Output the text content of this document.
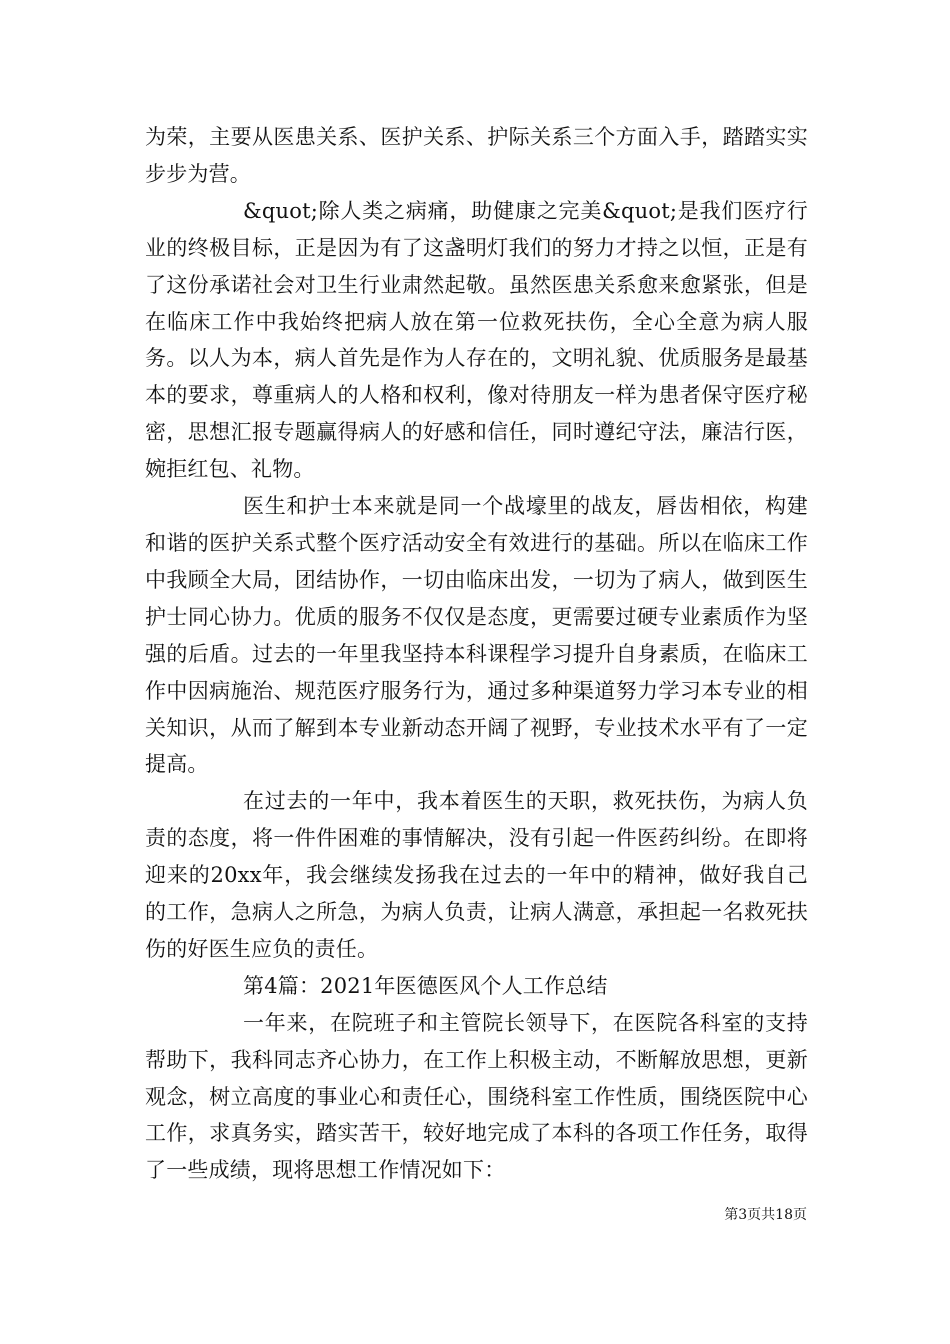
为荣，主要从医患关系、医护关系、护际关系三个方面入手，踏踏实实步步为营。

&quot;除人类之病痛，助健康之完美&quot;是我们医疗行业的终极目标，正是因为有了这盏明灯我们的努力才持之以恒，正是有了这份承诺社会对卫生行业肃然起敬。虽然医患关系愈来愈紧张，但是在临床工作中我始终把病人放在第一位救死扶伤，全心全意为病人服务。以人为本，病人首先是作为人存在的，文明礼貌、优质服务是最基本的要求，尊重病人的人格和权利，像对待朋友一样为患者保守医疗秘密，思想汇报专题赢得病人的好感和信任，同时遵纪守法，廉洁行医，婉拒红包、礼物。

医生和护士本来就是同一个战壕里的战友，唇齿相依，构建和谐的医护关系式整个医疗活动安全有效进行的基础。所以在临床工作中我顾全大局，团结协作，一切由临床出发，一切为了病人，做到医生护士同心协力。优质的服务不仅仅是态度，更需要过硬专业素质作为坚强的后盾。过去的一年里我坚持本科课程学习提升自身素质，在临床工作中因病施治、规范医疗服务行为，通过多种渠道努力学习本专业的相关知识，从而了解到本专业新动态开阔了视野，专业技术水平有了一定提高。

在过去的一年中，我本着医生的天职，救死扶伤，为病人负责的态度，将一件件困难的事情解决，没有引起一件医药纠纷。在即将迎来的20xx年，我会继续发扬我在过去的一年中的精神，做好我自己的工作，急病人之所急，为病人负责，让病人满意，承担起一名救死扶伤的好医生应负的责任。

第4篇：2021年医德医风个人工作总结

一年来，在院班子和主管院长领导下，在医院各科室的支持帮助下，我科同志齐心协力，在工作上积极主动，不断解放思想，更新观念，树立高度的事业心和责任心，围绕科室工作性质，围绕医院中心工作，求真务实，踏实苦干，较好地完成了本科的各项工作任务，取得了一些成绩，现将思想工作情况如下：

第3页共18页
